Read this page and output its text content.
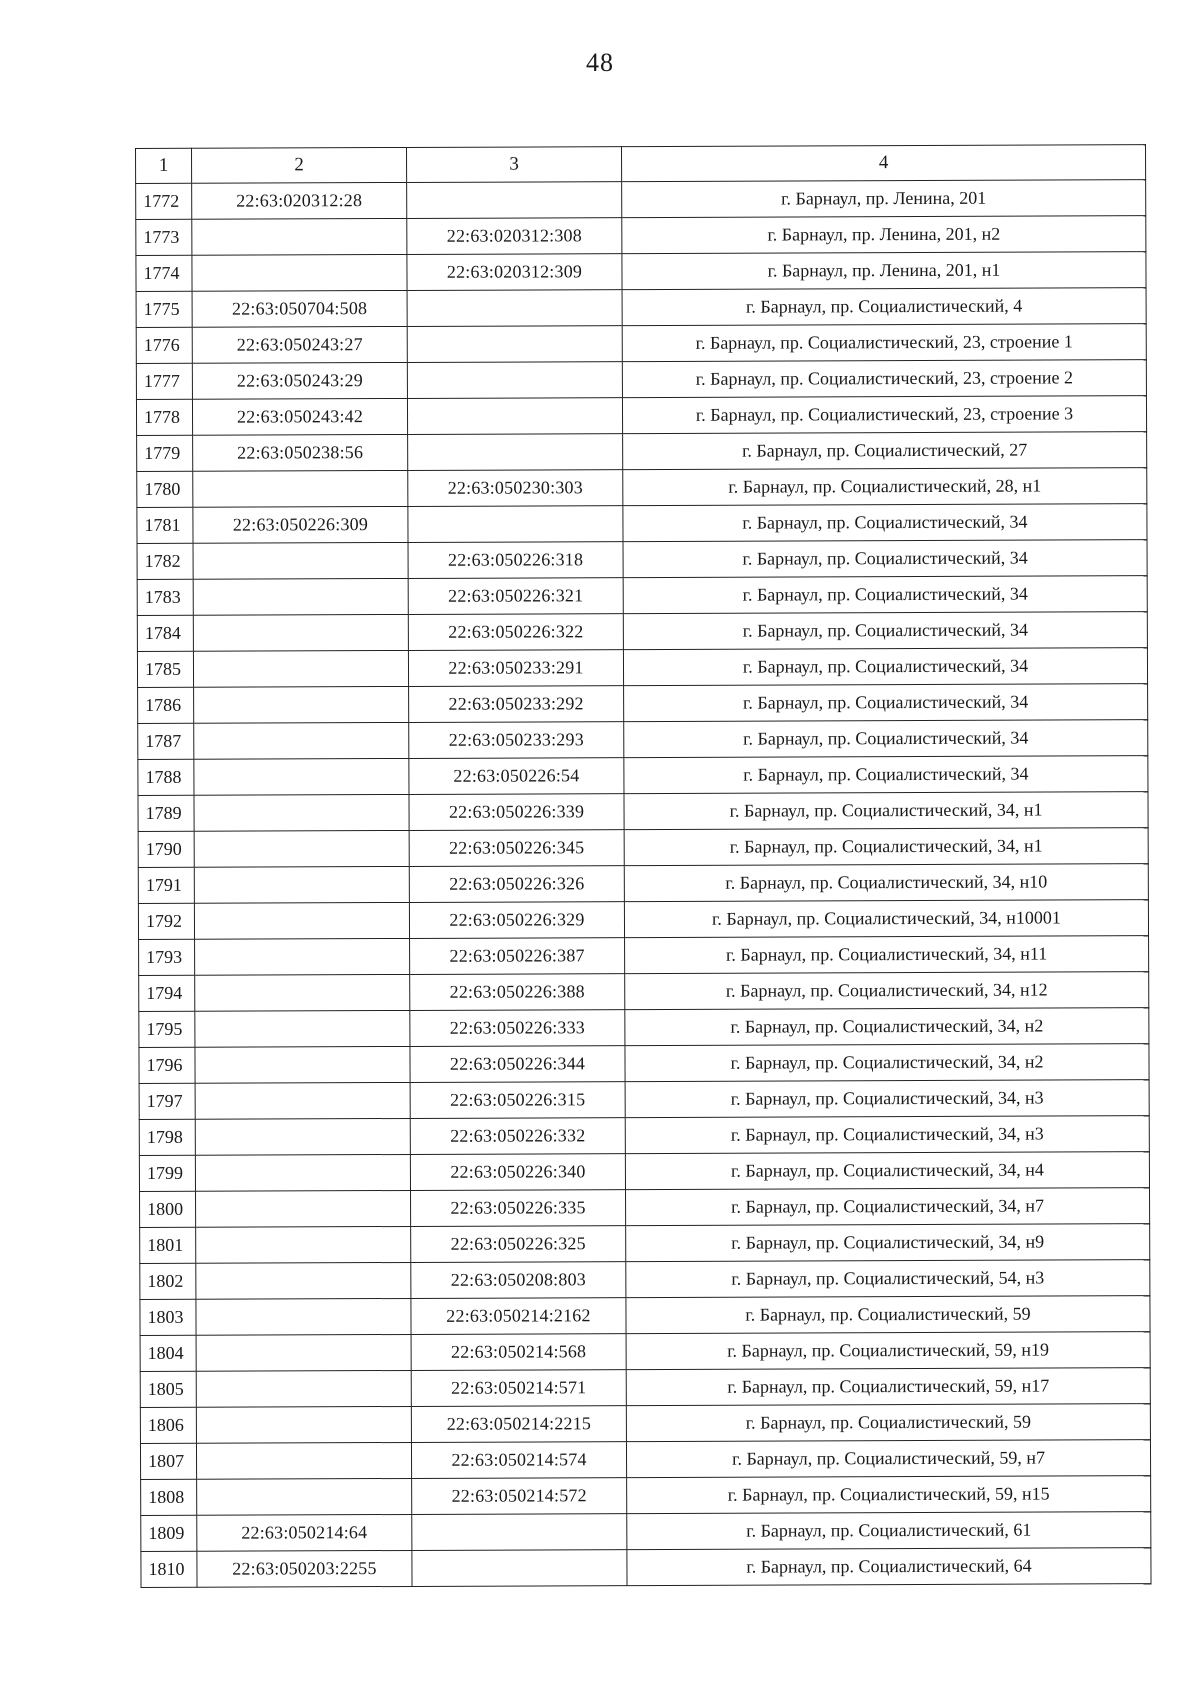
48
1	2	3	4
1772	22:63:020312:28		г. Барнаул, пр. Ленина, 201
1773		22:63:020312:308	г. Барнаул, пр. Ленина, 201, н2
1774		22:63:020312:309	г. Барнаул, пр. Ленина, 201, н1
1775	22:63:050704:508		г. Барнаул, пр. Социалистический, 4
1776	22:63:050243:27		г. Барнаул, пр. Социалистический, 23, строение 1
1777	22:63:050243:29		г. Барнаул, пр. Социалистический, 23, строение 2
1778	22:63:050243:42		г. Барнаул, пр. Социалистический, 23, строение 3
1779	22:63:050238:56		г. Барнаул, пр. Социалистический, 27
1780		22:63:050230:303	г. Барнаул, пр. Социалистический, 28, н1
1781	22:63:050226:309		г. Барнаул, пр. Социалистический, 34
1782		22:63:050226:318	г. Барнаул, пр. Социалистический, 34
1783		22:63:050226:321	г. Барнаул, пр. Социалистический, 34
1784		22:63:050226:322	г. Барнаул, пр. Социалистический, 34
1785		22:63:050233:291	г. Барнаул, пр. Социалистический, 34
1786		22:63:050233:292	г. Барнаул, пр. Социалистический, 34
1787		22:63:050233:293	г. Барнаул, пр. Социалистический, 34
1788		22:63:050226:54	г. Барнаул, пр. Социалистический, 34
1789		22:63:050226:339	г. Барнаул, пр. Социалистический, 34, н1
1790		22:63:050226:345	г. Барнаул, пр. Социалистический, 34, н1
1791		22:63:050226:326	г. Барнаул, пр. Социалистический, 34, н10
1792		22:63:050226:329	г. Барнаул, пр. Социалистический, 34, н10001
1793		22:63:050226:387	г. Барнаул, пр. Социалистический, 34, н11
1794		22:63:050226:388	г. Барнаул, пр. Социалистический, 34, н12
1795		22:63:050226:333	г. Барнаул, пр. Социалистический, 34, н2
1796		22:63:050226:344	г. Барнаул, пр. Социалистический, 34, н2
1797		22:63:050226:315	г. Барнаул, пр. Социалистический, 34, н3
1798		22:63:050226:332	г. Барнаул, пр. Социалистический, 34, н3
1799		22:63:050226:340	г. Барнаул, пр. Социалистический, 34, н4
1800		22:63:050226:335	г. Барнаул, пр. Социалистический, 34, н7
1801		22:63:050226:325	г. Барнаул, пр. Социалистический, 34, н9
1802		22:63:050208:803	г. Барнаул, пр. Социалистический, 54, н3
1803		22:63:050214:2162	г. Барнаул, пр. Социалистический, 59
1804		22:63:050214:568	г. Барнаул, пр. Социалистический, 59, н19
1805		22:63:050214:571	г. Барнаул, пр. Социалистический, 59, н17
1806		22:63:050214:2215	г. Барнаул, пр. Социалистический, 59
1807		22:63:050214:574	г. Барнаул, пр. Социалистический, 59, н7
1808		22:63:050214:572	г. Барнаул, пр. Социалистический, 59, н15
1809	22:63:050214:64		г. Барнаул, пр. Социалистический, 61
1810	22:63:050203:2255		г. Барнаул, пр. Социалистический, 64
